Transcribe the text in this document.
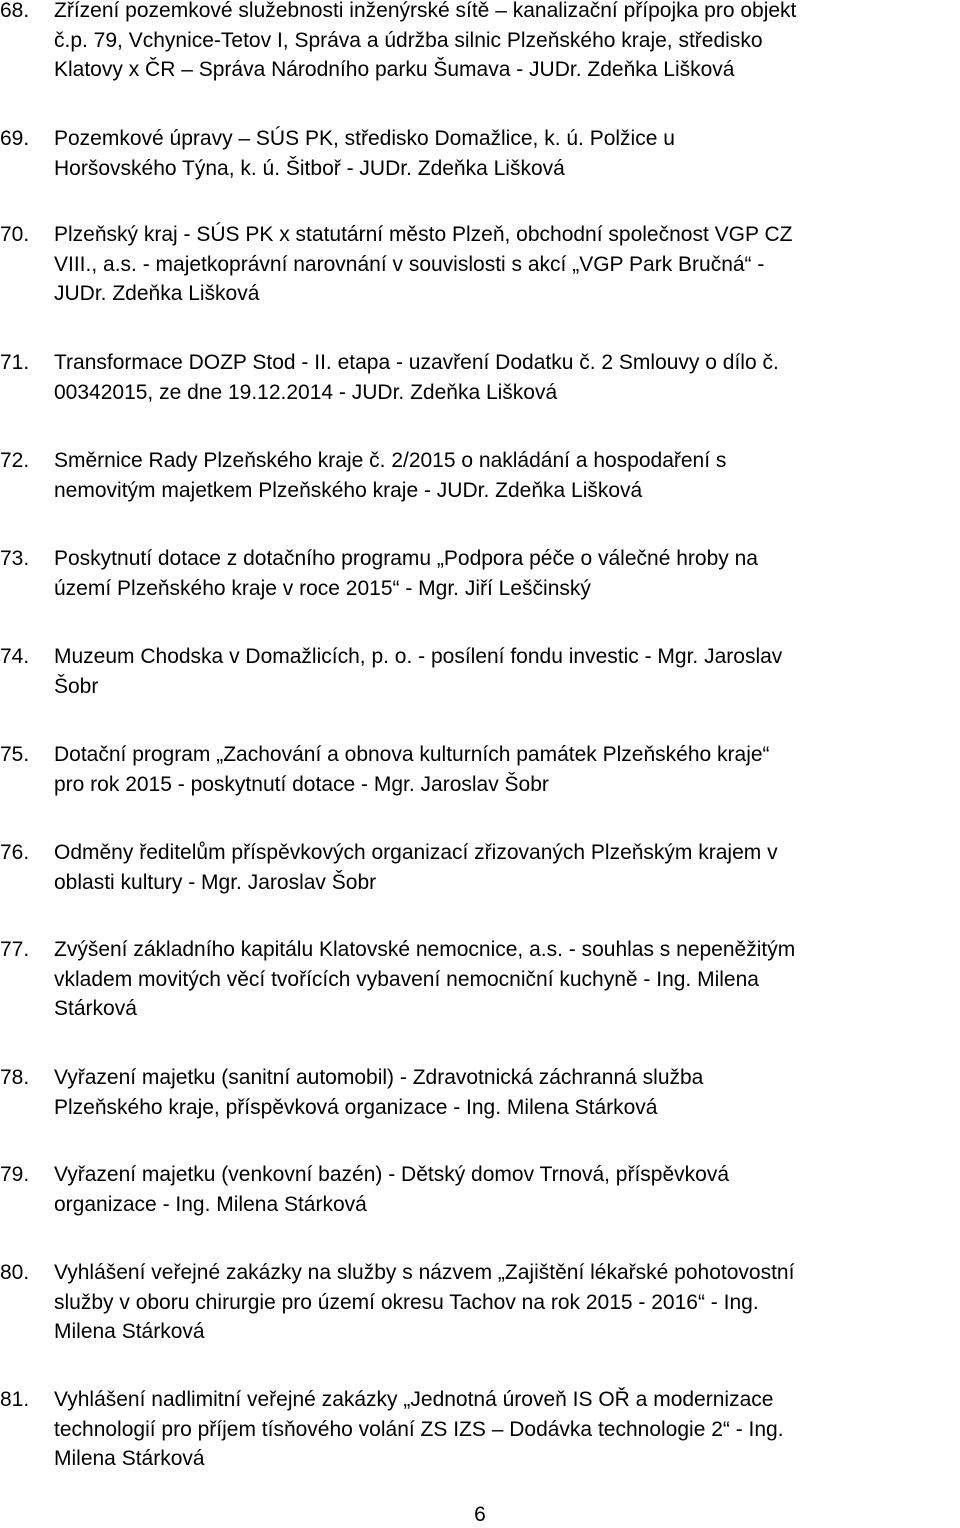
68.	Zřízení pozemkové služebnosti inženýrské sítě – kanalizační přípojka pro objekt
č.p. 79, Vchynice-Tetov I, Správa a údržba silnic Plzeňského kraje, středisko
Klatovy x ČR – Správa Národního parku Šumava - JUDr. Zdeňka Lišková
69.	Pozemkové úpravy – SÚS PK, středisko Domažlice, k. ú. Polžice u
Horšovského Týna, k. ú. Šitboř - JUDr. Zdeňka Lišková
70.	Plzeňský kraj - SÚS PK x statutární město Plzeň, obchodní společnost VGP CZ
VIII., a.s. - majetkoprávní narovnání v souvislosti s akcí „VGP Park Bručná“ -
JUDr. Zdeňka Lišková
71.	Transformace DOZP Stod - II. etapa - uzavření Dodatku č. 2 Smlouvy o dílo č.
00342015, ze dne 19.12.2014 - JUDr. Zdeňka Lišková
72.	Směrnice Rady Plzeňského kraje č. 2/2015 o nakládání a hospodaření s
nemovitým majetkem Plzeňského kraje - JUDr. Zdeňka Lišková
73.	Poskytnutí dotace z dotačního programu „Podpora péče o válečné hroby na
území Plzeňského kraje v roce 2015“ - Mgr. Jiří Leščinský
74.	Muzeum Chodska v Domažlicích, p. o. - posílení fondu investic - Mgr. Jaroslav
Šobr
75.	Dotační program „Zachování a obnova kulturních památek Plzeňského kraje“
pro rok 2015 - poskytnutí dotace - Mgr. Jaroslav Šobr
76.	Odměny ředitelům příspěvkových organizací zřizovaných Plzeňským krajem v
oblasti kultury - Mgr. Jaroslav Šobr
77.	Zvýšení základního kapitálu Klatovské nemocnice, a.s. - souhlas s nepeněžitým
vkladem movitých věcí tvořících vybavení nemocniční kuchyně - Ing. Milena
Stárková
78.	Vyřazení majetku (sanitní automobil) - Zdravotnická záchranná služba
Plzeňského kraje, příspěvková organizace - Ing. Milena Stárková
79.	Vyřazení majetku (venkovní bazén) - Dětský domov Trnová, příspěvková
organizace - Ing. Milena Stárková
80.	Vyhlášení veřejné zakázky na služby s názvem „Zajištění lékařské pohotovostní
služby v oboru chirurgie pro území okresu Tachov na rok 2015 - 2016“ - Ing.
Milena Stárková
81.	Vyhlášení nadlimitní veřejné zakázky „Jednotná úroveň IS OŘ a modernizace
technologií pro příjem tísňového volání ZS IZS – Dodávka technologie 2“ - Ing.
Milena Stárková
6
